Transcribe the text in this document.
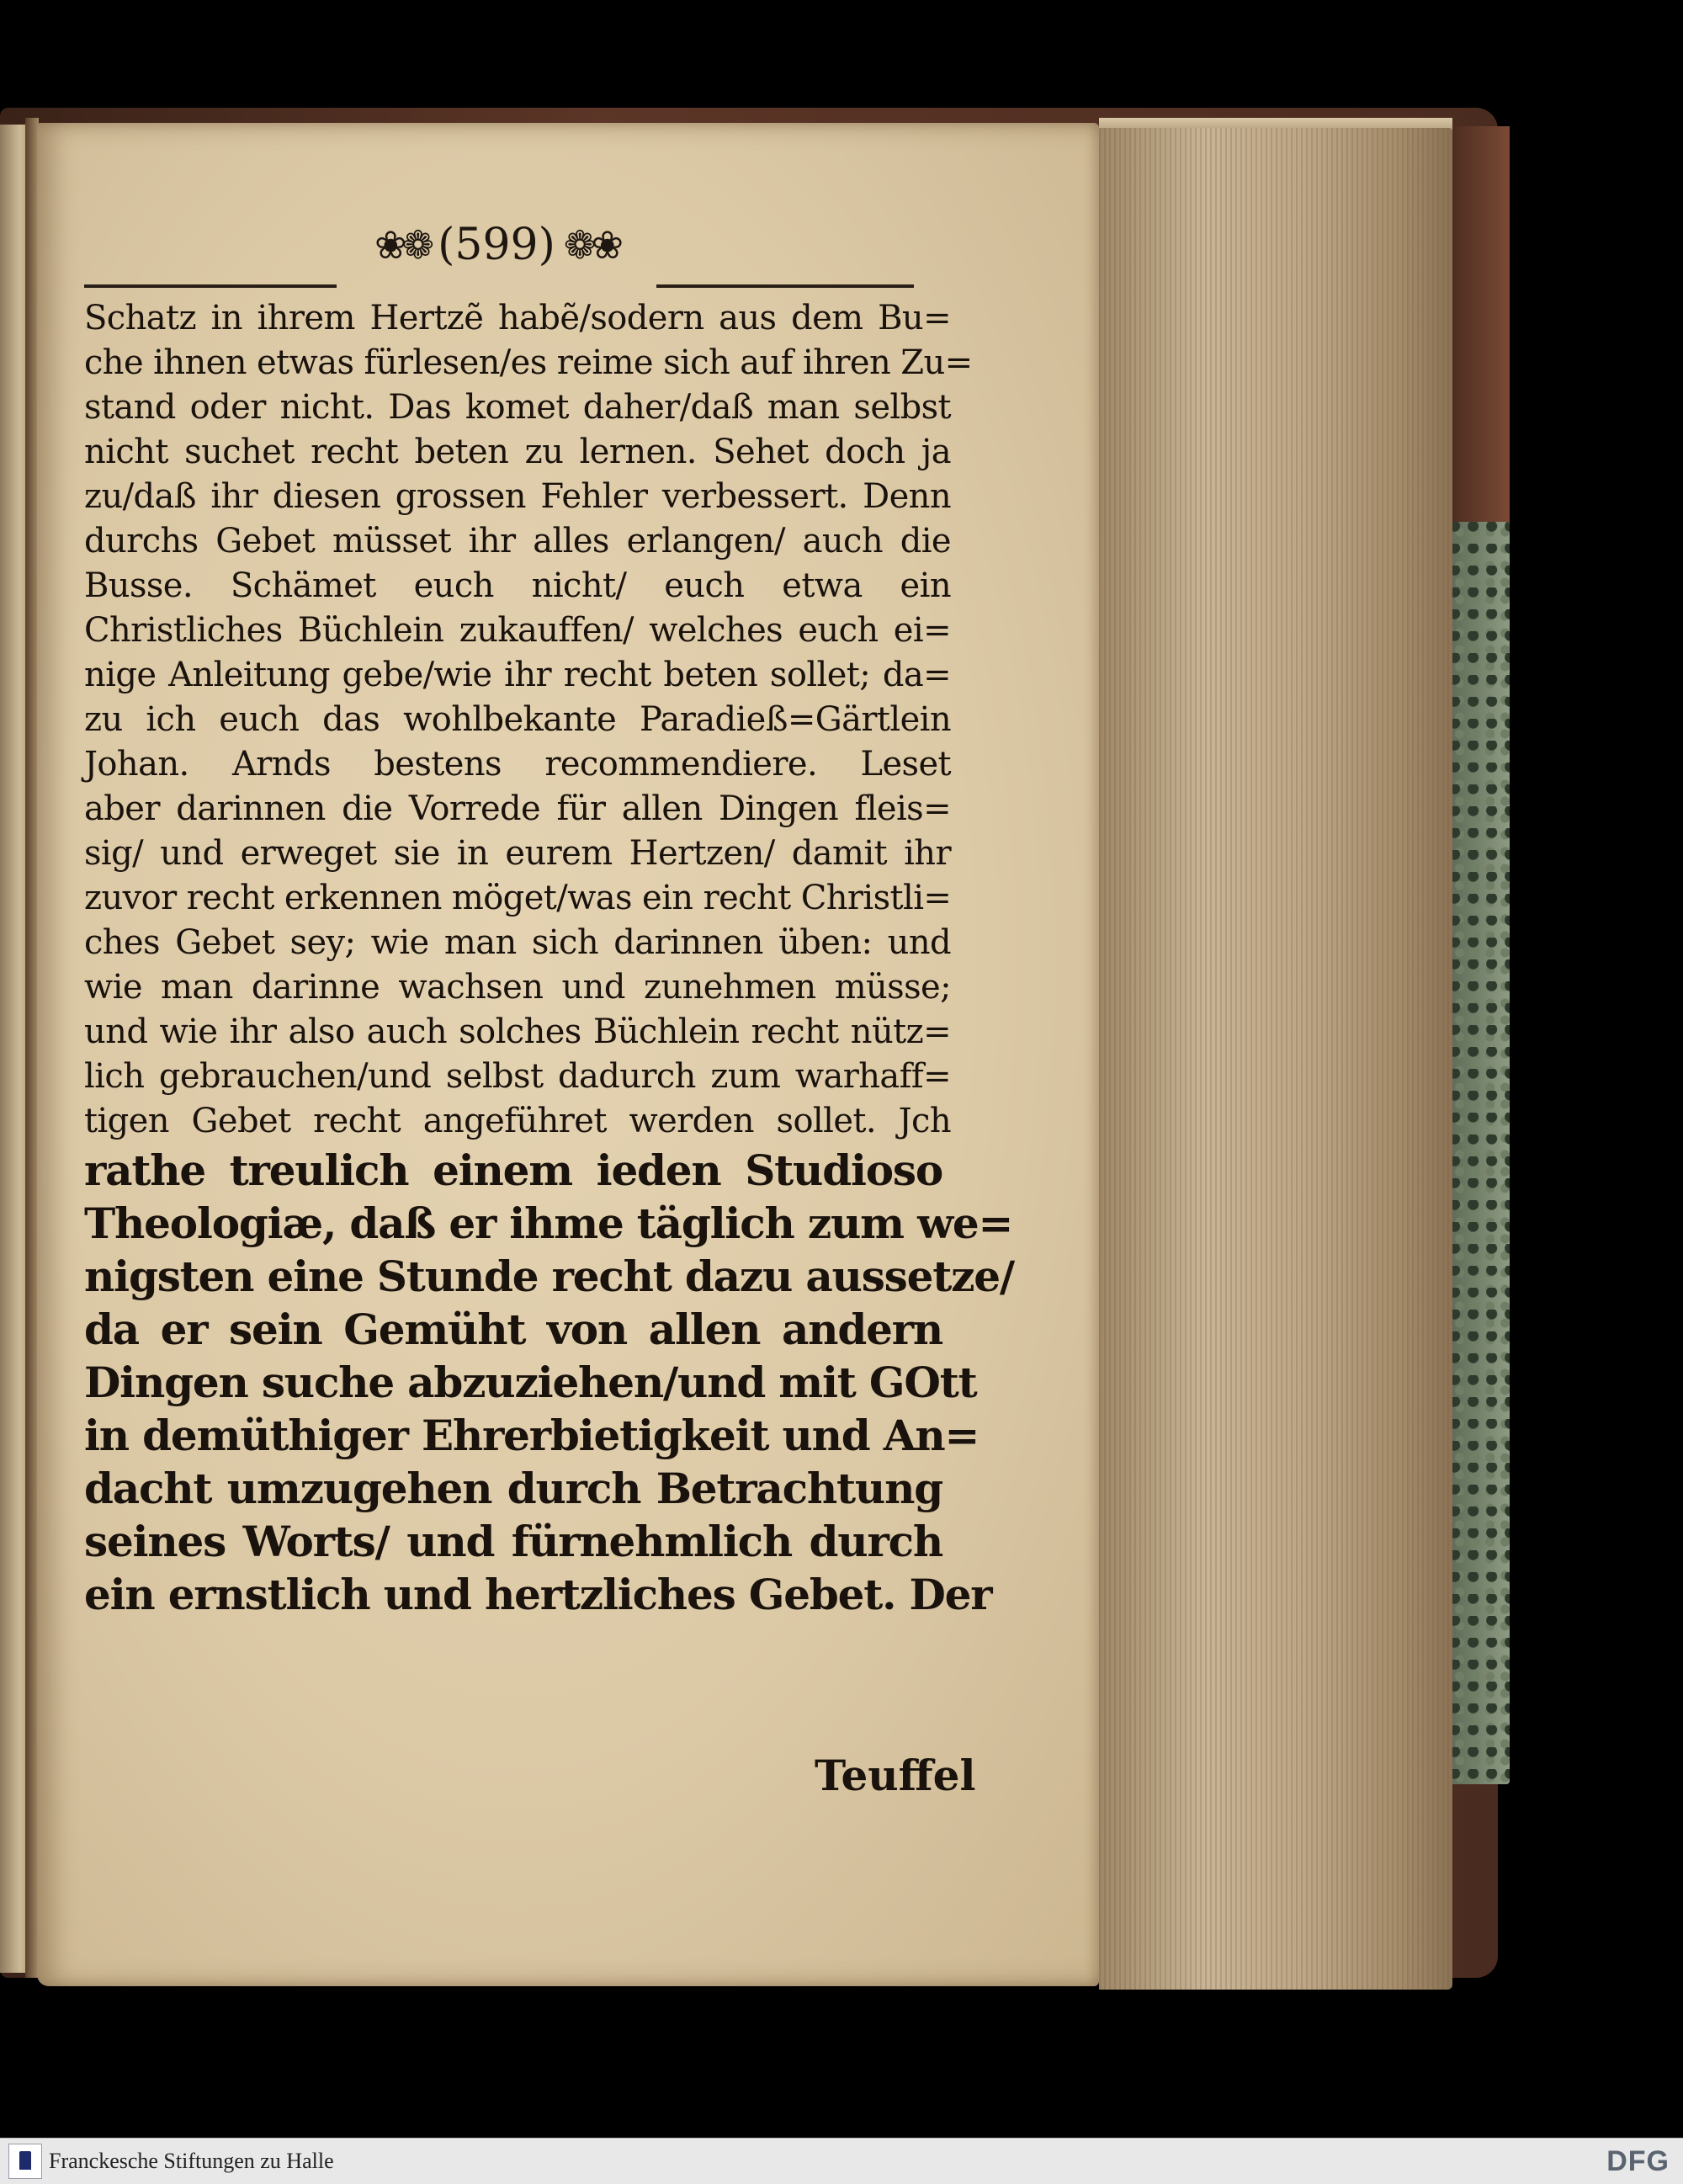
❀❁ (599) ❁❀
Schatz in ihrem Hertzẽ habẽ/sodern aus dem Bu=
che ihnen etwas fürlesen/es reime sich auf ihren Zu=
stand oder nicht. Das komet daher/daß man selbst
nicht suchet recht beten zu lernen. Sehet doch ja
zu/daß ihr diesen grossen Fehler verbessert. Denn
durchs Gebet müsset ihr alles erlangen/ auch die
Busse. Schämet euch nicht/ euch etwa ein
Christliches Büchlein zukauffen/ welches euch ei=
nige Anleitung gebe/wie ihr recht beten sollet; da=
zu ich euch das wohlbekante Paradieß=Gärtlein
Johan. Arnds bestens recommendiere. Leset
aber darinnen die Vorrede für allen Dingen fleis=
sig/ und erweget sie in eurem Hertzen/ damit ihr
zuvor recht erkennen möget/was ein recht Christli=
ches Gebet sey; wie man sich darinnen üben: und
wie man darinne wachsen und zunehmen müsse;
und wie ihr also auch solches Büchlein recht nütz=
lich gebrauchen/und selbst dadurch zum warhaff=
tigen Gebet recht angeführet werden sollet. Jch
rathe treulich einem ieden Studioso
Theologiæ, daß er ihme täglich zum we=
nigsten eine Stunde recht dazu aussetze/
da er sein Gemüht von allen andern
Dingen suche abzuziehen/und mit GOtt
in demüthiger Ehrerbietigkeit und An=
dacht umzugehen durch Betrachtung
seines Worts/ und fürnehmlich durch
ein ernstlich und hertzliches Gebet. Der
Teuffel
Franckesche Stiftungen zu Halle	DFG
